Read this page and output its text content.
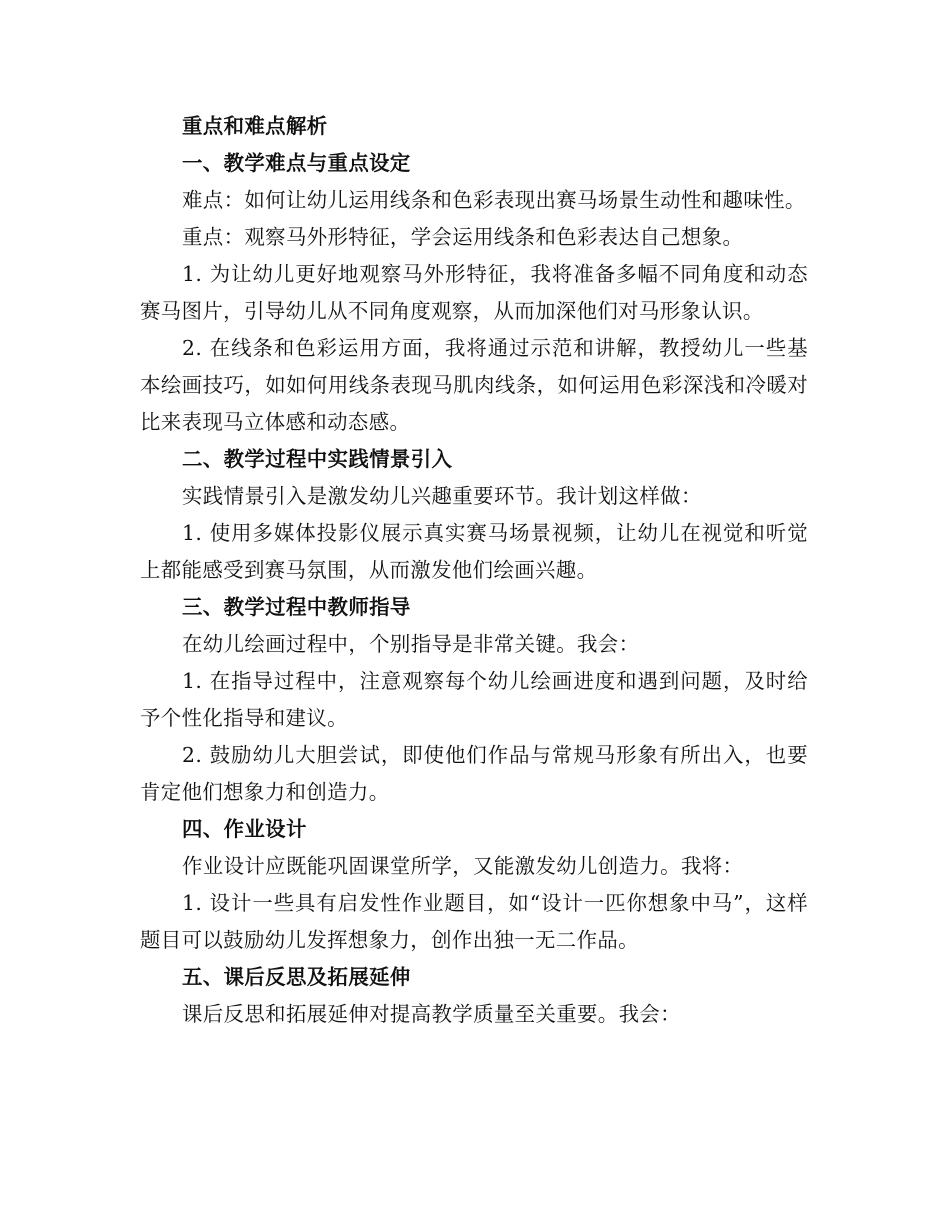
重点和难点解析

一、教学难点与重点设定

难点：如何让幼儿运用线条和色彩表现出赛马场景生动性和趣味性。

重点：观察马外形特征，学会运用线条和色彩表达自己想象。

1. 为让幼儿更好地观察马外形特征，我将准备多幅不同角度和动态赛马图片，引导幼儿从不同角度观察，从而加深他们对马形象认识。

2. 在线条和色彩运用方面，我将通过示范和讲解，教授幼儿一些基本绘画技巧，如如何用线条表现马肌肉线条，如何运用色彩深浅和冷暖对比来表现马立体感和动态感。

二、教学过程中实践情景引入

实践情景引入是激发幼儿兴趣重要环节。我计划这样做：

1. 使用多媒体投影仪展示真实赛马场景视频，让幼儿在视觉和听觉上都能感受到赛马氛围，从而激发他们绘画兴趣。

三、教学过程中教师指导

在幼儿绘画过程中，个别指导是非常关键。我会：

1. 在指导过程中，注意观察每个幼儿绘画进度和遇到问题，及时给予个性化指导和建议。

2. 鼓励幼儿大胆尝试，即使他们作品与常规马形象有所出入，也要肯定他们想象力和创造力。

四、作业设计

作业设计应既能巩固课堂所学，又能激发幼儿创造力。我将：

1. 设计一些具有启发性作业题目，如“设计一匹你想象中马”，这样题目可以鼓励幼儿发挥想象力，创作出独一无二作品。

五、课后反思及拓展延伸

课后反思和拓展延伸对提高教学质量至关重要。我会：
